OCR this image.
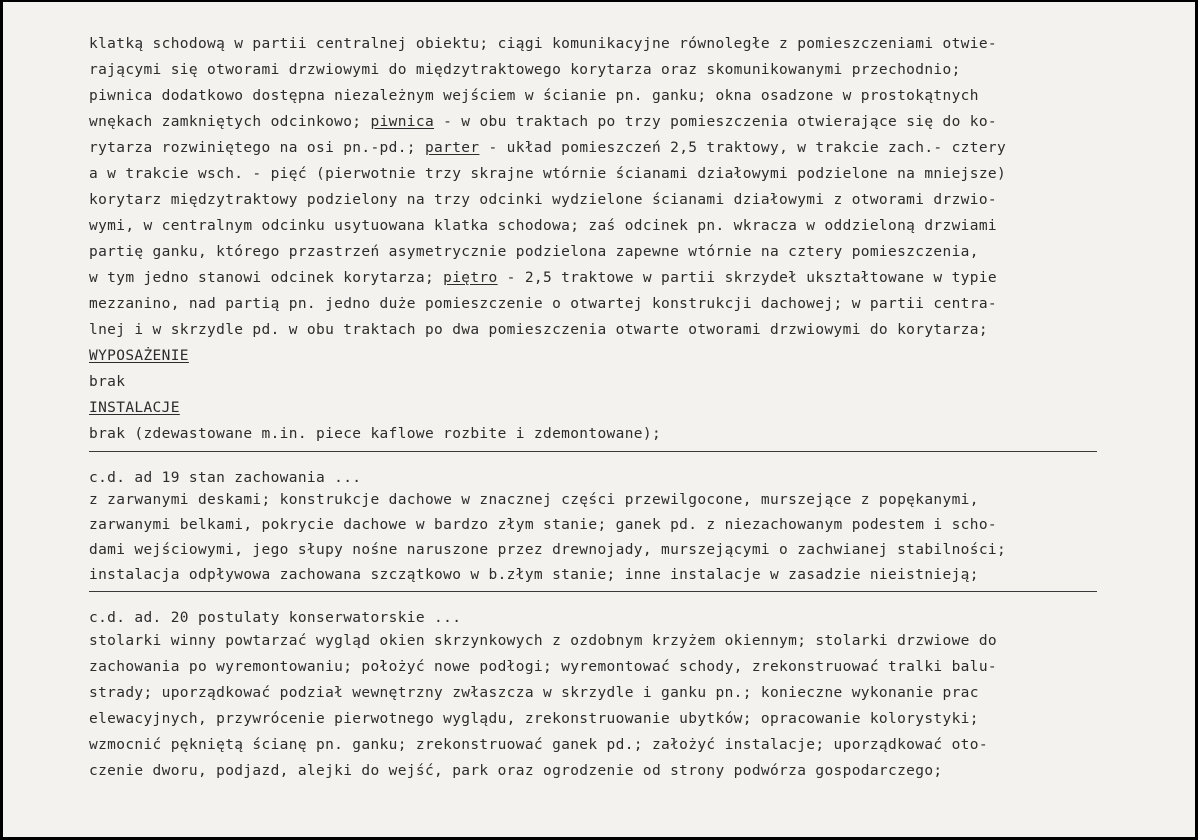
klatką schodową w partii centralnej obiektu; ciągi komunikacyjne równoległe z pomieszczeniami otwie-
rającymi się otworami drzwiowymi do międzytraktowego korytarza oraz skomunikowanymi przechodnio;
piwnica dodatkowo dostępna niezależnym wejściem w ścianie pn. ganku; okna osadzone w prostokątnych
wnękach zamkniętych odcinkowo; piwnica - w obu traktach po trzy pomieszczenia otwierające się do ko-
rytarza rozwiniętego na osi pn.-pd.; parter - układ pomieszczeń 2,5 traktowy, w trakcie zach.- cztery
a w trakcie wsch. - pięć (pierwotnie trzy skrajne wtórnie ścianami działowymi podzielone na mniejsze)
korytarz międzytraktowy podzielony na trzy odcinki wydzielone ścianami działowymi z otworami drzwio-
wymi, w centralnym odcinku usytuowana klatka schodowa; zaś odcinek pn. wkracza w oddzieloną drzwiami
partię ganku, którego przastrzeń asymetrycznie podzielona zapewne wtórnie na cztery pomieszczenia,
w tym jedno stanowi odcinek korytarza; piętro - 2,5 traktowe w partii skrzydeł ukształtowane w typie
mezzanino, nad partią pn. jedno duże pomieszczenie o otwartej konstrukcji dachowej; w partii centra-
lnej i w skrzydle pd. w obu traktach po dwa pomieszczenia otwarte otworami drzwiowymi do korytarza;
WYPOSAŻENIE
brak
INSTALACJE
brak (zdewastowane m.in. piece kaflowe rozbite i zdemontowane);
c.d. ad 19 stan zachowania ...
z zarwanymi deskami; konstrukcje dachowe w znacznej części przewilgocone, murszejące z popękanymi,
zarwanymi belkami, pokrycie dachowe w bardzo złym stanie; ganek pd. z niezachowanym podestem i scho-
dami wejściowymi, jego słupy nośne naruszone przez drewnojady, murszejącymi o zachwianej stabilności;
instalacja odpływowa zachowana szczątkowo w b.złym stanie; inne instalacje w zasadzie nieistnieją;
c.d. ad. 20 postulaty konserwatorskie ...
stolarki winny powtarzać wygląd okien skrzynkowych z ozdobnym krzyżem okiennym; stolarki drzwiowe do
zachowania po wyremontowaniu; położyć nowe podłogi; wyremontować schody, zrekonstruować tralki balu-
strady; uporządkować podział wewnętrzny zwłaszcza w skrzydle i ganku pn.; konieczne wykonanie prac
elewacyjnych, przywrócenie pierwotnego wyglądu, zrekonstruowanie ubytków; opracowanie kolorystyki;
wzmocnić pękniętą ścianę pn. ganku; zrekonstruować ganek pd.; założyć instalacje; uporządkować oto-
czenie dworu, podjazd, alejki do wejść, park oraz ogrodzenie od strony podwórza gospodarczego;
